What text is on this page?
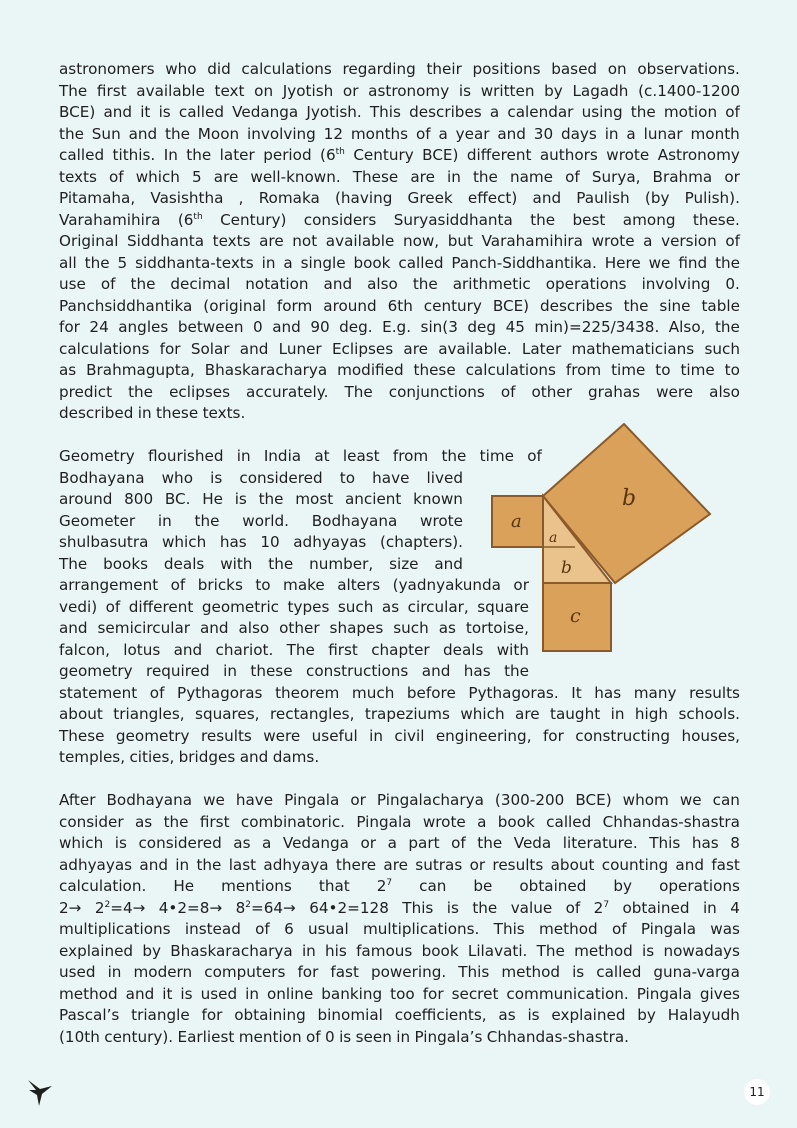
astronomers who did calculations regarding their positions based on observations.
The first available text on Jyotish or astronomy is written by Lagadh (c.1400-1200
BCE) and it is called Vedanga Jyotish. This describes a calendar using the motion of
the Sun and the Moon involving 12 months of a year and 30 days in a lunar month
called tithis. In the later period (6th Century BCE) different authors wrote Astronomy
texts of which 5 are well-known. These are in the name of Surya, Brahma or
Pitamaha, Vasishtha , Romaka (having Greek effect) and Paulish (by Pulish).
Varahamihira (6th Century) considers Suryasiddhanta the best among these.
Original Siddhanta texts are not available now, but Varahamihira wrote a version of
all the 5 siddhanta-texts in a single book called Panch-Siddhantika. Here we find the
use of the decimal notation and also the arithmetic operations involving 0.
Panchsiddhantika (original form around 6th century BCE) describes the sine table
for 24 angles between 0 and 90 deg. E.g. sin(3 deg 45 min)=225/3438. Also, the
calculations for Solar and Luner Eclipses are available. Later mathematicians such
as Brahmagupta, Bhaskaracharya modified these calculations from time to time to
predict the eclipses accurately. The conjunctions of other grahas were also
described in these texts.
Geometry flourished in India at least from the time of
Bodhayana who is considered to have lived
around 800 BC. He is the most ancient known
Geometer in the world. Bodhayana wrote
shulbasutra which has 10 adhyayas (chapters).
The books deals with the number, size and
arrangement of bricks to make alters (yadnyakunda or
vedi) of different geometric types such as circular, square
and semicircular and also other shapes such as tortoise,
falcon, lotus and chariot. The first chapter deals with
geometry required in these constructions and has the
statement of Pythagoras theorem much before Pythagoras. It has many results
about triangles, squares, rectangles, trapeziums which are taught in high schools.
These geometry results were useful in civil engineering, for constructing houses,
temples, cities, bridges and dams.
After Bodhayana we have Pingala or Pingalacharya (300-200 BCE) whom we can
consider as the first combinatoric. Pingala wrote a book called Chhandas-shastra
which is considered as a Vedanga or a part of the Veda literature. This has 8
adhyayas and in the last adhyaya there are sutras or results about counting and fast
calculation. He mentions that $2^7$ can be obtained by operations
$2\to 2^2=4\to$ 4•2=8→ $8^2=64\to$ 64•2=128 This is the value of $2^7$ obtained in 4
multiplications instead of 6 usual multiplications. This method of Pingala was
explained by Bhaskaracharya in his famous book Lilavati. The method is nowadays
used in modern computers for fast powering. This method is called guna-varga
method and it is used in online banking too for secret communication. Pingala gives
Pascal’s triangle for obtaining binomial coefficients, as is explained by Halayudh
(10th century). Earliest mention of 0 is seen in Pingala’s Chhandas-shastra.
b
a
a
b
c
11
